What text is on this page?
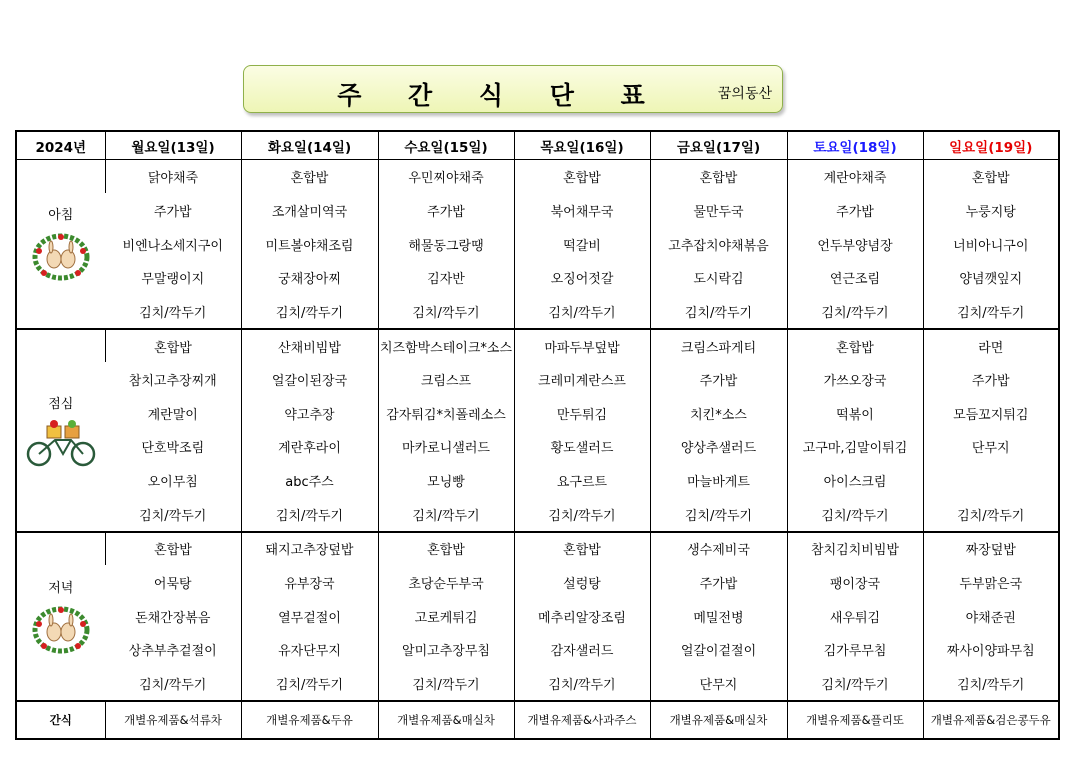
주 간 식 단 표	꿈의동산
2024년	월요일(13일)	화요일(14일)	수요일(15일)	목요일(16일)	금요일(17일)	토요일(18일)	일요일(19일)

아침	닭야채죽	혼합밥	우민찌야채죽	혼합밥	혼합밥	계란야채죽	혼합밥
	주가밥	조개살미역국	주가밥	북어채무국	물만두국	주가밥	누룽지탕
	비엔나소세지구이	미트볼야채조림	해물동그랑땡	떡갈비	고추잡치야채볶음	언두부양념장	너비아니구이
	무말랭이지	궁채장아찌	김자반	오징어젓갈	도시락김	연근조림	양념깻잎지
	김치/깍두기	김치/깍두기	김치/깍두기	김치/깍두기	김치/깍두기	김치/깍두기	김치/깍두기

점심	혼합밥	산채비빔밥	치즈함박스테이크*소스	마파두부덮밥	크림스파게티	혼합밥	라면
	참치고추장찌개	얼갈이된장국	크림스프	크레미계란스프	주가밥	가쓰오장국	주가밥
	계란말이	약고추장	감자튀김*치폴레소스	만두튀김	치킨*소스	떡볶이	모듬꼬지튀김
	단호박조림	계란후라이	마카로니샐러드	황도샐러드	양상추샐러드	고구마,김말이튀김	단무지
	오이무침	abc주스	모닝빵	요구르트	마늘바게트	아이스크림	
	김치/깍두기	김치/깍두기	김치/깍두기	김치/깍두기	김치/깍두기	김치/깍두기	김치/깍두기

저녁	혼합밥	돼지고추장덮밥	혼합밥	혼합밥	생수제비국	참치김치비빔밥	짜장덮밥
	어묵탕	유부장국	초당순두부국	설렁탕	주가밥	팽이장국	두부맑은국
	돈채간장볶음	열무겉절이	고로케튀김	메추리알장조림	메밀전병	새우튀김	야채준권
	상추부추겉절이	유자단무지	알미고추장무침	감자샐러드	얼갈이겉절이	김가루무침	짜사이양파무침
	김치/깍두기	김치/깍두기	김치/깍두기	김치/깍두기	단무지	김치/깍두기	김치/깍두기
간식	개별유제품&석류차	개별유제품&두유	개별유제품&매실차	개별유제품&사과주스	개별유제품&매실차	개별유제품&플리또	개별유제품&검은콩두유
